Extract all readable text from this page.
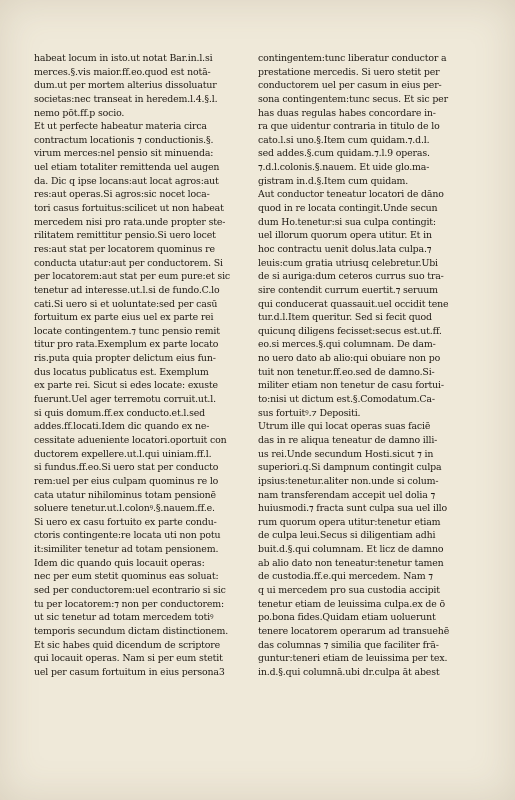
habeat locum in isto.ut notat Bar.in.l.si
merces.§.vis maior.ff.eo.quod est notā-
dum.ut per mortem alterius dissoluatur
societas:nec transeat in heredem.l.4.§.l.
nemo pōt.ff.p socio.
Et ut perfecte habeatur materia circa
contractum locationis ⁊ conductionis.§.
virum merces:nel pensio sit minuenda:
uel etiam totaliter remittenda uel augen
da. Dic q ipse locans:aut locat agros:aut
res:aut operas.Si agros:sic nocet loca-
tori casus fortuitus:scilicet ut non habeat
mercedem nisi pro rata.unde propter ste-
rilitatem remittitur pensio.Si uero locet
res:aut stat per locatorem quominus re
conducta utatur:aut per conductorem. Si
per locatorem:aut stat per eum pure:et sic
tenetur ad interesse.ut.l.si de fundo.C.lo
cati.Si uero si et uoluntate:sed per casū
fortuitum ex parte eius uel ex parte rei
locate contingentem.⁊ tunc pensio remit
titur pro rata.Exemplum ex parte locato
ris.puta quia propter delictum eius fun-
dus locatus publicatus est. Exemplum
ex parte rei. Sicut si edes locate: exuste
fuerunt.Uel ager terremotu corruit.ut.l.
si quis domum.ff.ex conducto.et.l.sed
addes.ff.locati.Idem dic quando ex ne-
cessitate adueniente locatori.oportuit con
ductorem expellere.ut.l.qui uiniam.ff.l.
si fundus.ff.eo.Si uero stat per conducto
rem:uel per eius culpam quominus re lo
cata utatur nihilominus totam pensionē
soluere tenetur.ut.l.colonꝰ.§.nauem.ff.e.
Si uero ex casu fortuito ex parte condu-
ctoris contingente:re locata uti non potu
it:similiter tenetur ad totam pensionem.
Idem dic quando quis locauit operas:
nec per eum stetit quominus eas soluat:
sed per conductorem:uel econtrario si sic
tu per locatorem:⁊ non per conductorem:
ut sic tenetur ad totam mercedem totiꝰ
temporis secundum dictam distinctionem.
Et sic habes quid dicendum de scriptore
qui locauit operas. Nam si per eum stetit
uel per casum fortuitum in eius persona3
contingentem:tunc liberatur conductor a
prestatione mercedis. Si uero stetit per
conductorem uel per casum in eius per-
sona contingentem:tunc secus. Et sic per
has duas regulas habes concordare in-
ra que uidentur contraria in titulo de lo
cato.l.si uno.§.Item cum quidam.⁊.d.l.
sed addes.§.cum quidam.⁊.l.9 operas.
⁊.d.l.colonis.§.nauem. Et uide glo.ma-
gistram in.d.§.Item cum quidam.
Aut conductor teneatur locatori de dāno
quod in re locata contingit.Unde secun
dum Ho.tenetur:si sua culpa contingit:
uel illorum quorum opera utitur. Et in
hoc contractu uenit dolus.lata culpa.⁊
leuis:cum gratia utriusq celebretur.Ubi
de si auriga:dum ceteros currus suo tra-
sire contendit currum euertit.⁊ seruum
qui conducerat quassauit.uel occidit tene
tur.d.l.Item queritur. Sed si fecit quod
quicunq diligens fecisset:secus est.ut.ff.
eo.si merces.§.qui columnam. De dam-
no uero dato ab alio:qui obuiare non po
tuit non tenetur.ff.eo.sed de damno.Si-
militer etiam non tenetur de casu fortui-
to:nisi ut dictum est.§.Comodatum.Ca-
sus fortuitꝰ.⁊ Depositi.
Utrum ille qui locat operas suas faciē
das in re aliqua teneatur de damno illi-
us rei.Unde secundum Hosti.sicut ⁊ in
superiori.q.Si dampnum contingit culpa
ipsius:tenetur.aliter non.unde si colum-
nam transferendam accepit uel dolia ⁊
huiusmodi.⁊ fracta sunt culpa sua uel illo
rum quorum opera utitur:tenetur etiam
de culpa leui.Secus si diligentiam adhi
buit.d.§.qui columnam. Et licz de damno
ab alio dato non teneatur:tenetur tamen
de custodia.ff.e.qui mercedem. Nam ⁊
q ui mercedem pro sua custodia accipit
tenetur etiam de leuissima culpa.ex de ō
po.bona fides.Quidam etiam uoluerunt
tenere locatorem operarum ad transuehē
das columnas ⁊ similia que faciliter frā-
guntur:teneri etiam de leuissima per tex.
in.d.§.qui columnā.ubi dr.culpa āt abest
